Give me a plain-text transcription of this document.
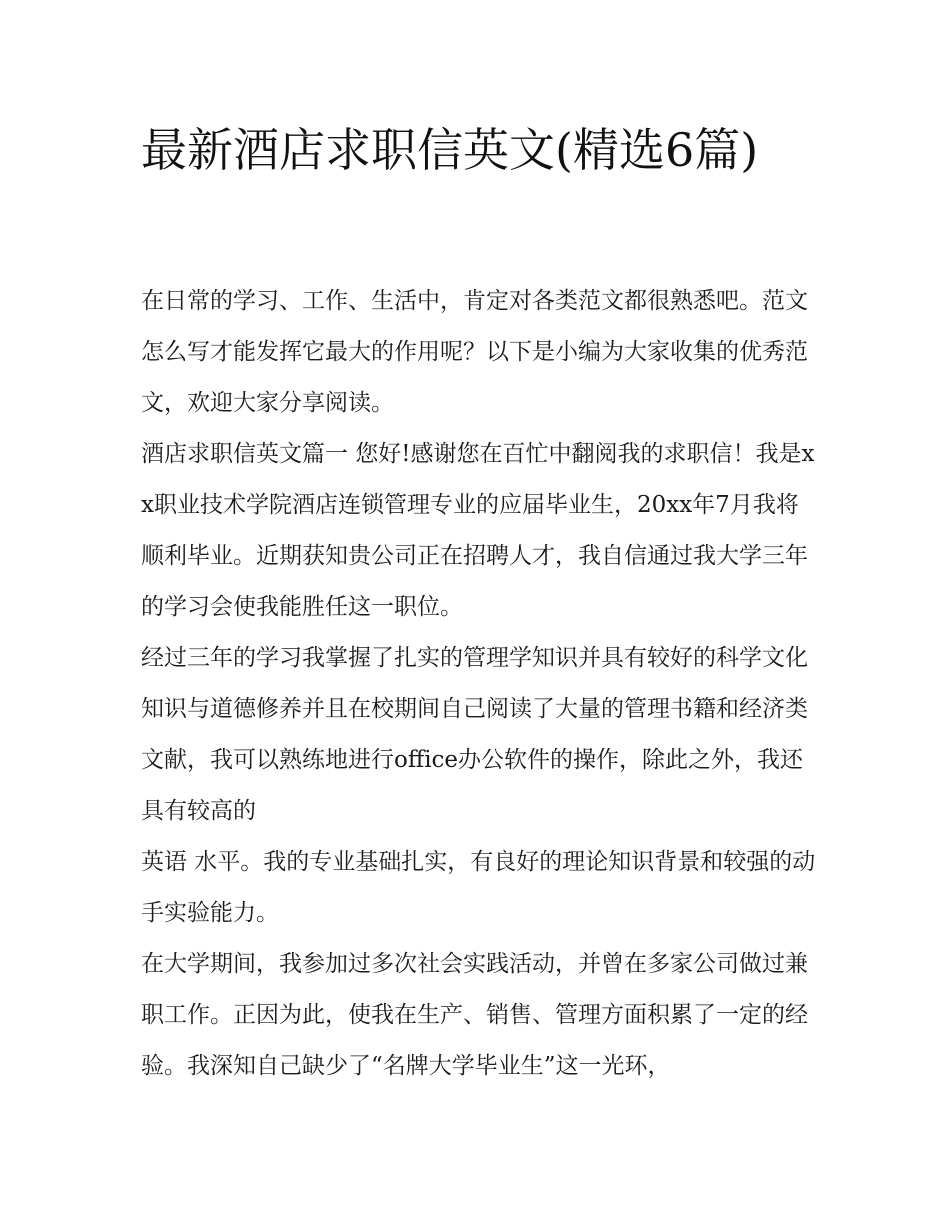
最新酒店求职信英文(精选6篇)

在日常的学习、工作、生活中，肯定对各类范文都很熟悉吧。范文怎么写才能发挥它最大的作用呢？以下是小编为大家收集的优秀范文，欢迎大家分享阅读。

酒店求职信英文篇一 您好!感谢您在百忙中翻阅我的求职信！我是xx职业技术学院酒店连锁管理专业的应届毕业生，20xx年7月我将顺利毕业。近期获知贵公司正在招聘人才，我自信通过我大学三年的学习会使我能胜任这一职位。

经过三年的学习我掌握了扎实的管理学知识并具有较好的科学文化知识与道德修养并且在校期间自己阅读了大量的管理书籍和经济类文献，我可以熟练地进行office办公软件的操作，除此之外，我还具有较高的

英语 水平。我的专业基础扎实，有良好的理论知识背景和较强的动手实验能力。

在大学期间，我参加过多次社会实践活动，并曾在多家公司做过兼职工作。正因为此，使我在生产、销售、管理方面积累了一定的经验。我深知自己缺少了“名牌大学毕业生”这一光环，
